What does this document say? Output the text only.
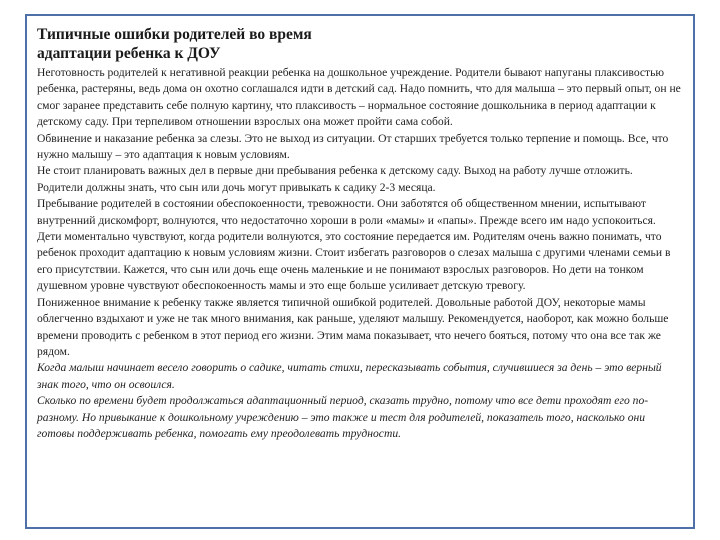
Типичные ошибки родителей во время
адаптации ребенка к ДОУ

Неготовность родителей к негативной реакции ребенка на дошкольное учреждение. Родители бывают напуганы плаксивостью ребенка, растеряны, ведь дома он охотно соглашался идти в детский сад. Надо помнить, что для малыша – это первый опыт, он не смог заранее представить себе полную картину, что плаксивость – нормальное состояние дошкольника в период адаптации к детскому саду. При терпеливом отношении взрослых она может пройти сама собой.

Обвинение и наказание ребенка за слезы. Это не выход из ситуации. От старших требуется только терпение и помощь. Все, что нужно малышу – это адаптация к новым условиям.

Не стоит планировать важных дел в первые дни пребывания ребенка к детскому саду. Выход на работу лучше отложить. Родители должны знать, что сын или дочь могут привыкать к садику 2-3 месяца.

Пребывание родителей в состоянии обеспокоенности, тревожности. Они заботятся об общественном мнении, испытывают внутренний дискомфорт, волнуются, что недостаточно хороши в роли «мамы» и «папы». Прежде всего им надо успокоиться. Дети моментально чувствуют, когда родители волнуются, это состояние передается им. Родителям очень важно понимать, что ребенок проходит адаптацию к новым условиям жизни. Стоит избегать разговоров о слезах малыша с другими членами семьи в его присутствии. Кажется, что сын или дочь еще очень маленькие и не понимают взрослых разговоров. Но дети на тонком душевном уровне чувствуют обеспокоенность мамы и это еще больше усиливает детскую тревогу.

Пониженное внимание к ребенку также является типичной ошибкой родителей. Довольные работой ДОУ, некоторые мамы облегченно вздыхают и уже не так много внимания, как раньше, уделяют малышу. Рекомендуется, наоборот, как можно больше времени проводить с ребенком в этот период его жизни. Этим мама показывает, что нечего бояться, потому что она все так же рядом.

Когда малыш начинает весело говорить о садике, читать стихи, пересказывать события, случившиеся за день – это верный знак того, что он освоился.

Сколько по времени будет продолжаться адаптационный период, сказать трудно, потому что все дети проходят его по-разному. Но привыкание к дошкольному учреждению – это также и тест для родителей, показатель того, насколько они готовы поддерживать ребенка, помогать ему преодолевать трудности.
